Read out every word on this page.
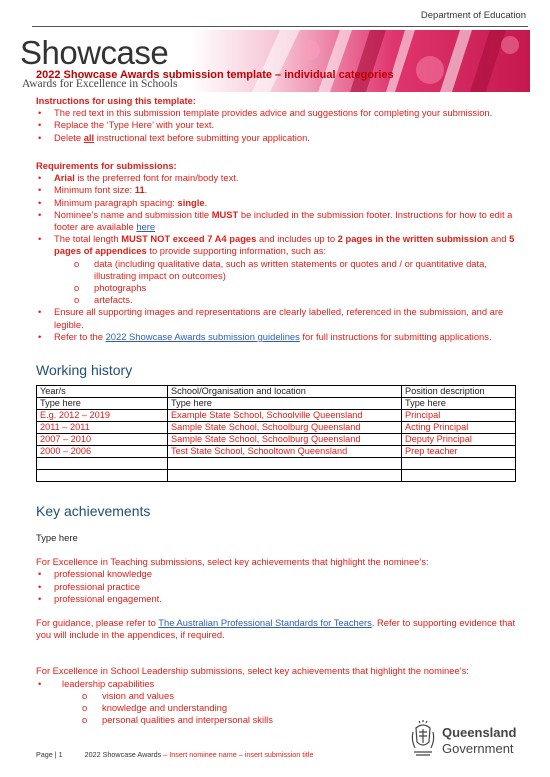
Department of Education
Showcase
Awards for Excellence in Schools
2022 Showcase Awards submission template – individual categories
Instructions for using this template:
• The red text in this submission template provides advice and suggestions for completing your submission.
• Replace the ‘Type Here’ with your text.
• Delete all instructional text before submitting your application.
Requirements for submissions:
• Arial is the preferred font for main/body text.
• Minimum font size: 11.
• Minimum paragraph spacing: single.
• Nominee’s name and submission title MUST be included in the submission footer. Instructions for how to edit a footer are available here
• The total length MUST NOT exceed 7 A4 pages and includes up to 2 pages in the written submission and 5 pages of appendices to provide supporting information, such as:
o data (including qualitative data, such as written statements or quotes and / or quantitative data, illustrating impact on outcomes)
o photographs
o artefacts.
• Ensure all supporting images and representations are clearly labelled, referenced in the submission, and are legible.
• Refer to the 2022 Showcase Awards submission guidelines for full instructions for submitting applications.
Working history
Year/s	School/Organisation and location	Position description
Type here	Type here	Type here
E.g. 2012 – 2019	Example State School, Schoolville Queensland	Principal
2011 – 2011	Sample State School, Schoolburg Queensland	Acting Principal
2007 – 2010	Sample State School, Schoolburg Queensland	Deputy Principal
2000 – 2006	Test State School, Schooltown Queensland	Prep teacher

Key achievements
Type here
For Excellence in Teaching submissions, select key achievements that highlight the nominee’s:
• professional knowledge
• professional practice
• professional engagement.
For guidance, please refer to The Australian Professional Standards for Teachers. Refer to supporting evidence that you will include in the appendices, if required.
For Excellence in School Leadership submissions, select key achievements that highlight the nominee’s:
• leadership capabilities
o vision and values
o knowledge and understanding
o personal qualities and interpersonal skills
Queensland
Government
Page | 1	2022 Showcase Awards – Insert nominee name – insert submission title
